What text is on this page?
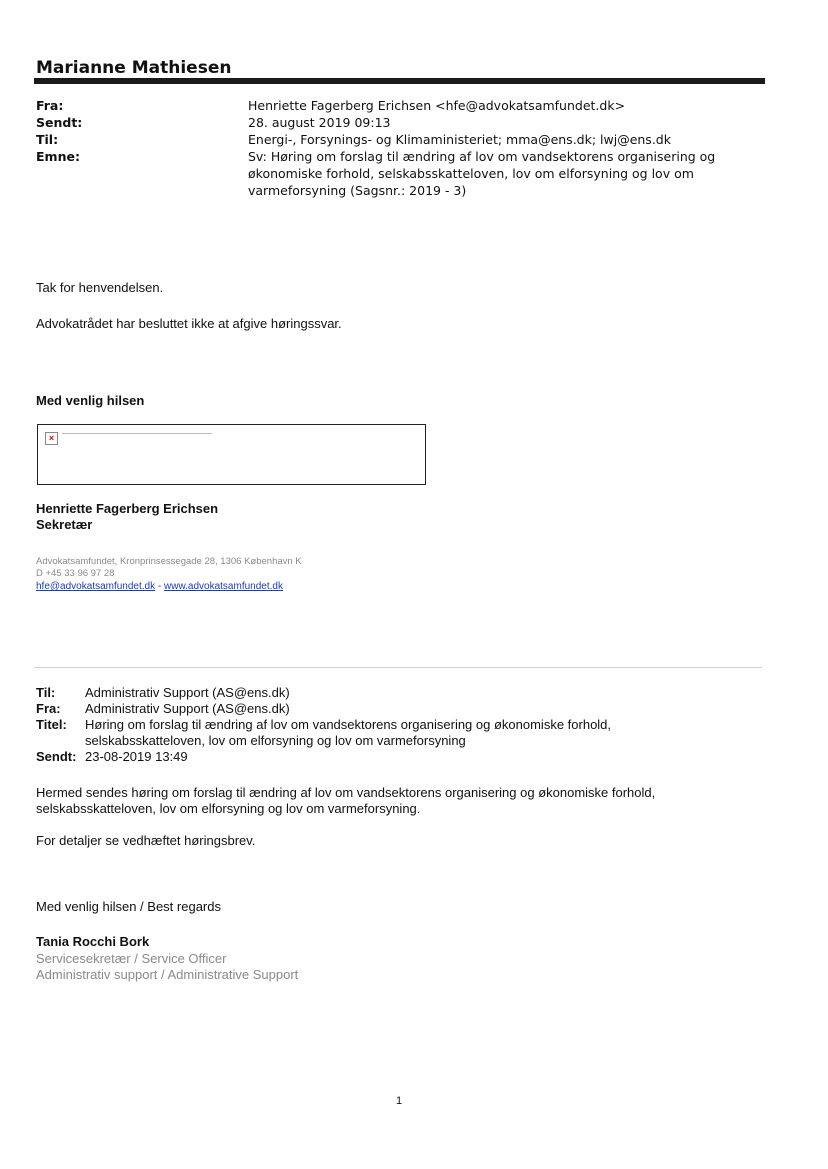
Marianne Mathiesen
Fra:	Henriette Fagerberg Erichsen <hfe@advokatsamfundet.dk>
Sendt:	28. august 2019 09:13
Til:	Energi-, Forsynings- og Klimaministeriet; mma@ens.dk; lwj@ens.dk
Emne:	Sv: Høring om forslag til ændring af lov om vandsektorens organisering og
økonomiske forhold, selskabsskatteloven, lov om elforsyning og lov om
varmeforsyning (Sagsnr.: 2019 - 3)
Tak for henvendelsen.
Advokatrådet har besluttet ikke at afgive høringssvar.
Med venlig hilsen
×
Henriette Fagerberg Erichsen
Sekretær
Advokatsamfundet, Kronprinsessegade 28, 1306 København K
D +45 33 96 97 28
hfe@advokatsamfundet.dk - www.advokatsamfundet.dk
Til: Administrativ Support (AS@ens.dk)
Fra: Administrativ Support (AS@ens.dk)
Titel: Høring om forslag til ændring af lov om vandsektorens organisering og økonomiske forhold,
selskabsskatteloven, lov om elforsyning og lov om varmeforsyning
Sendt: 23-08-2019 13:49
Hermed sendes høring om forslag til ændring af lov om vandsektorens organisering og økonomiske forhold,
selskabsskatteloven, lov om elforsyning og lov om varmeforsyning.
For detaljer se vedhæftet høringsbrev.
Med venlig hilsen / Best regards
Tania Rocchi Bork
Servicesekretær / Service Officer
Administrativ support / Administrative Support
1
